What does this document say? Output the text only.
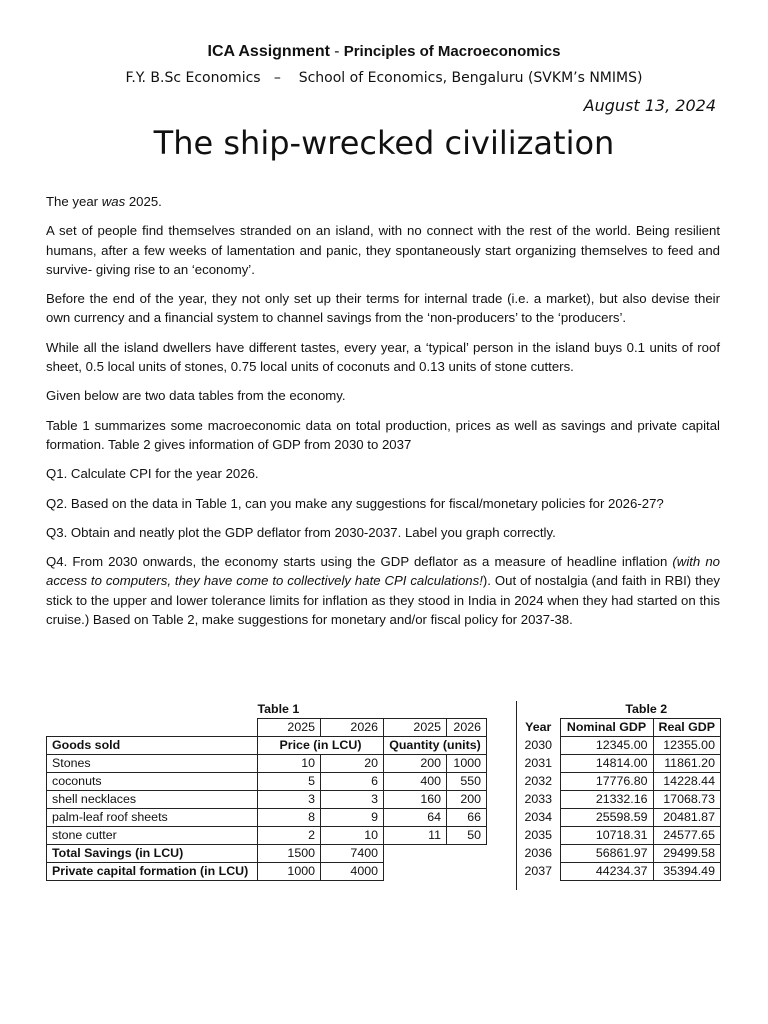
ICA Assignment - Principles of Macroeconomics
F.Y. B.Sc Economics   –    School of Economics, Bengaluru (SVKM’s NMIMS)
August 13, 2024
The ship-wrecked civilization

The year was 2025.

A set of people find themselves stranded on an island, with no connect with the rest of the world. Being resilient humans, after a few weeks of lamentation and panic, they spontaneously start organizing themselves to feed and survive- giving rise to an ‘economy’.

Before the end of the year, they not only set up their terms for internal trade (i.e. a market), but also devise their own currency and a financial system to channel savings from the ‘non-producers’ to the ‘producers’.

While all the island dwellers have different tastes, every year, a ‘typical’ person in the island buys 0.1 units of roof sheet, 0.5 local units of stones, 0.75 local units of coconuts and 0.13 units of stone cutters.

Given below are two data tables from the economy.

Table 1 summarizes some macroeconomic data on total production, prices as well as savings and private capital formation. Table 2 gives information of GDP from 2030 to 2037

Q1. Calculate CPI for the year 2026.

Q2. Based on the data in Table 1, can you make any suggestions for fiscal/monetary policies for 2026-27?

Q3. Obtain and neatly plot the GDP deflator from 2030-2037. Label you graph correctly.

Q4. From 2030 onwards, the economy starts using the GDP deflator as a measure of headline inflation (with no access to computers, they have come to collectively hate CPI calculations!). Out of nostalgia (and faith in RBI) they stick to the upper and lower tolerance limits for inflation as they stood in India in 2024 when they had started on this cruise.) Based on Table 2, make suggestions for monetary and/or fiscal policy for 2037-38.

	Table 1			
	2025	2026	2025	2026
Goods sold	Price (in LCU)		Quantity (units)	
Stones	10	20	200	1000
coconuts	5	6	400	550
shell necklaces	3	3	160	200
palm-leaf roof sheets	8	9	64	66
stone cutter	2	10	11	50
Total Savings (in LCU)	1500	7400		
Private capital formation (in LCU)	1000	4000		
Table 2		
Year	Nominal GDP	Real GDP
2030	12345.00	12355.00
2031	14814.00	11861.20
2032	17776.80	14228.44
2033	21332.16	17068.73
2034	25598.59	20481.87
2035	10718.31	24577.65
2036	56861.97	29499.58
2037	44234.37	35394.49
